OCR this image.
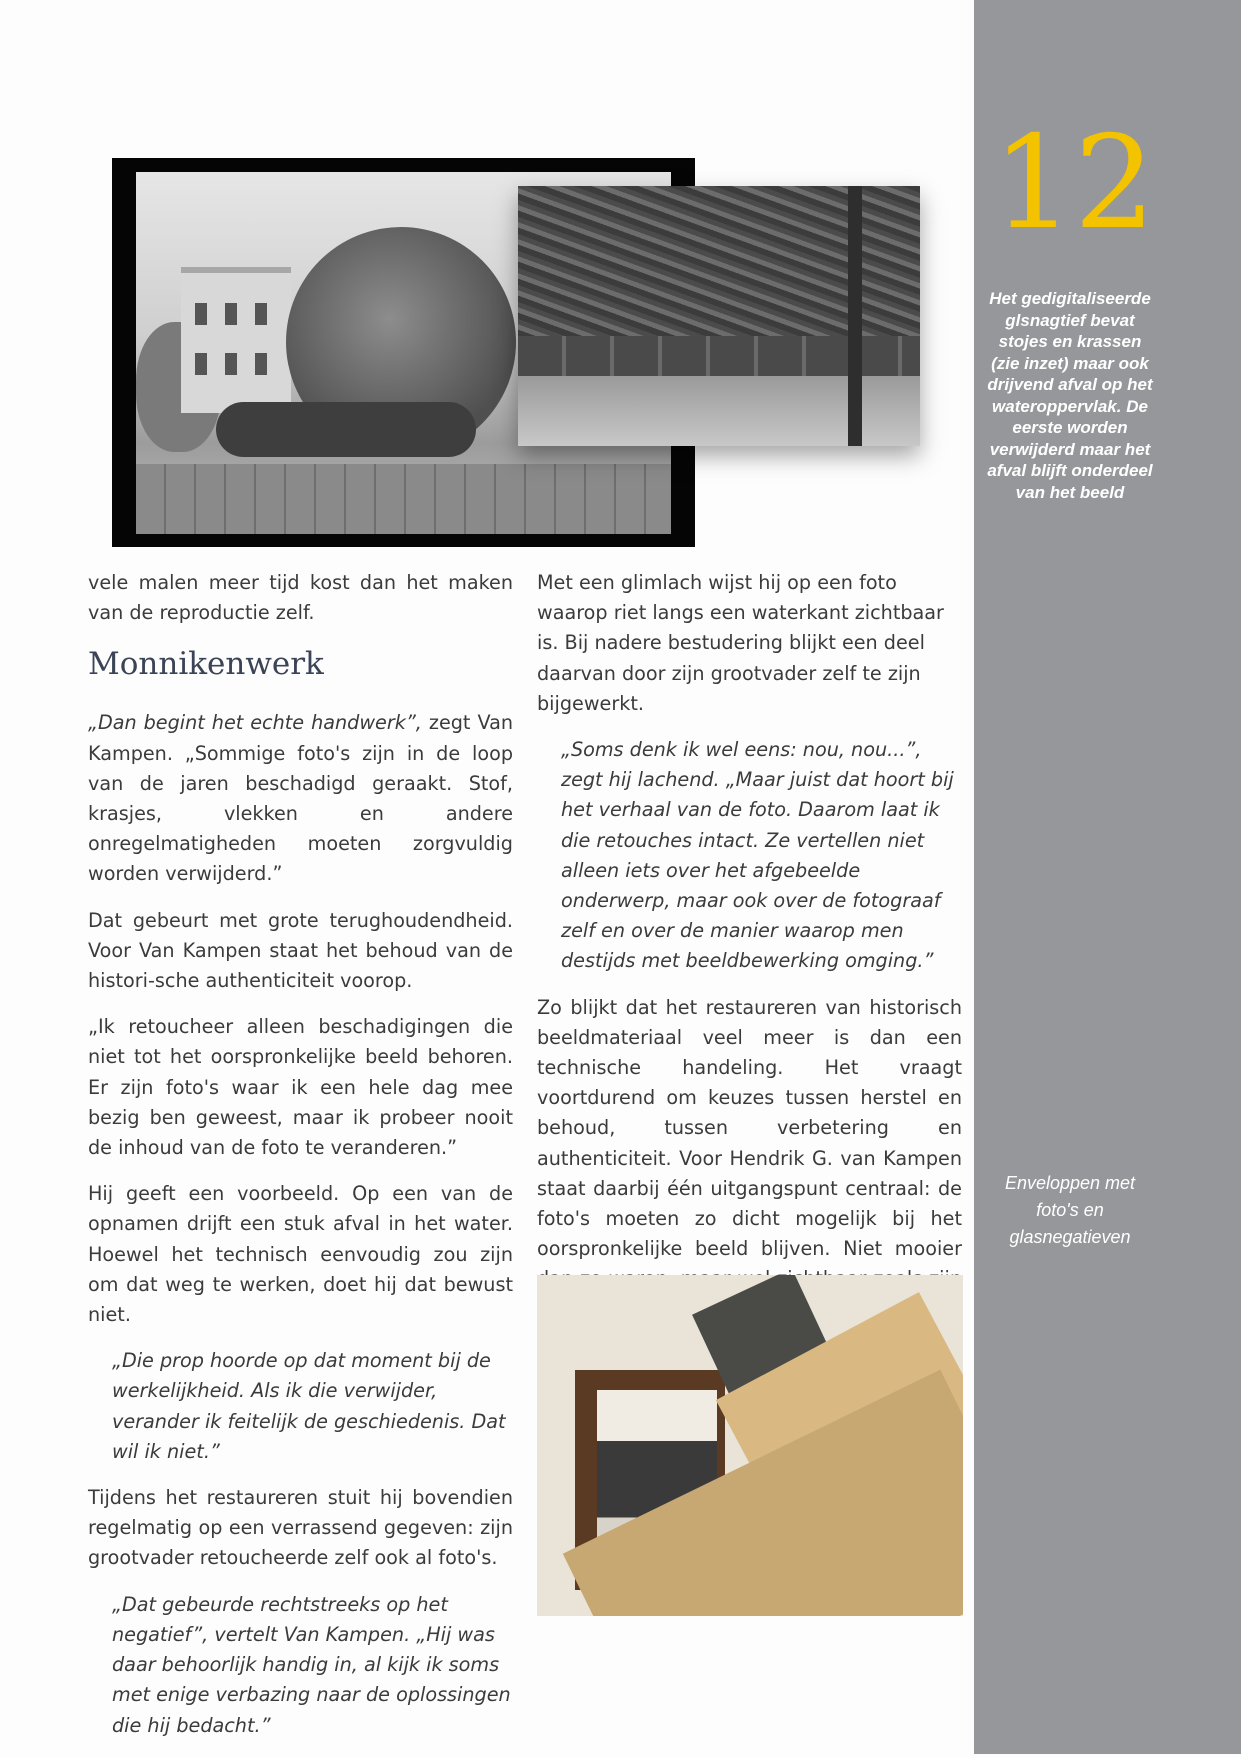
12
Het gedigitaliseerde glsnagtief bevat stojes en krassen (zie inzet) maar ook drijvend afval op het wateroppervlak. De eerste worden verwijderd maar het afval blijft onderdeel van het beeld
Enveloppen met foto's en glasnegatieven

vele malen meer tijd kost dan het maken van de reproductie zelf.

Monnikenwerk

„Dan begint het echte handwerk”, zegt Van Kampen. „Sommige foto's zijn in de loop van de jaren beschadigd geraakt. Stof, krasjes, vlekken en andere onregelmatigheden moeten zorgvuldig worden verwijderd.”

Dat gebeurt met grote terughoudendheid. Voor Van Kampen staat het behoud van de histori-sche authenticiteit voorop.

„Ik retoucheer alleen beschadigingen die niet tot het oorspronkelijke beeld behoren. Er zijn foto's waar ik een hele dag mee bezig ben geweest, maar ik probeer nooit de inhoud van de foto te veranderen.”

Hij geeft een voorbeeld. Op een van de opnamen drijft een stuk afval in het water. Hoewel het technisch eenvoudig zou zijn om dat weg te werken, doet hij dat bewust niet.

„Die prop hoorde op dat moment bij de werkelijkheid. Als ik die verwijder, verander ik feitelijk de geschiedenis. Dat wil ik niet.”

Tijdens het restaureren stuit hij bovendien regelmatig op een verrassend gegeven: zijn grootvader retoucheerde zelf ook al foto's.

„Dat gebeurde rechtstreeks op het negatief”, vertelt Van Kampen. „Hij was daar behoorlijk handig in, al kijk ik soms met enige verbazing naar de oplossingen die hij bedacht.”

Met een glimlach wijst hij op een foto waarop riet langs een waterkant zichtbaar is. Bij nadere bestudering blijkt een deel daarvan door zijn grootvader zelf te zijn bijgewerkt.

„Soms denk ik wel eens: nou, nou...”, zegt hij lachend. „Maar juist dat hoort bij het verhaal van de foto. Daarom laat ik die retouches intact. Ze vertellen niet alleen iets over het afgebeelde onderwerp, maar ook over de fotograaf zelf en over de manier waarop men destijds met beeldbewerking omging.”

Zo blijkt dat het restaureren van historisch beeldmateriaal veel meer is dan een technische handeling. Het vraagt voortdurend om keuzes tussen herstel en behoud, tussen verbetering en authenticiteit. Voor Hendrik G. van Kampen staat daarbij één uitgangspunt centraal: de foto's moeten zo dicht mogelijk bij het oorspronkelijke beeld blijven. Niet mooier
